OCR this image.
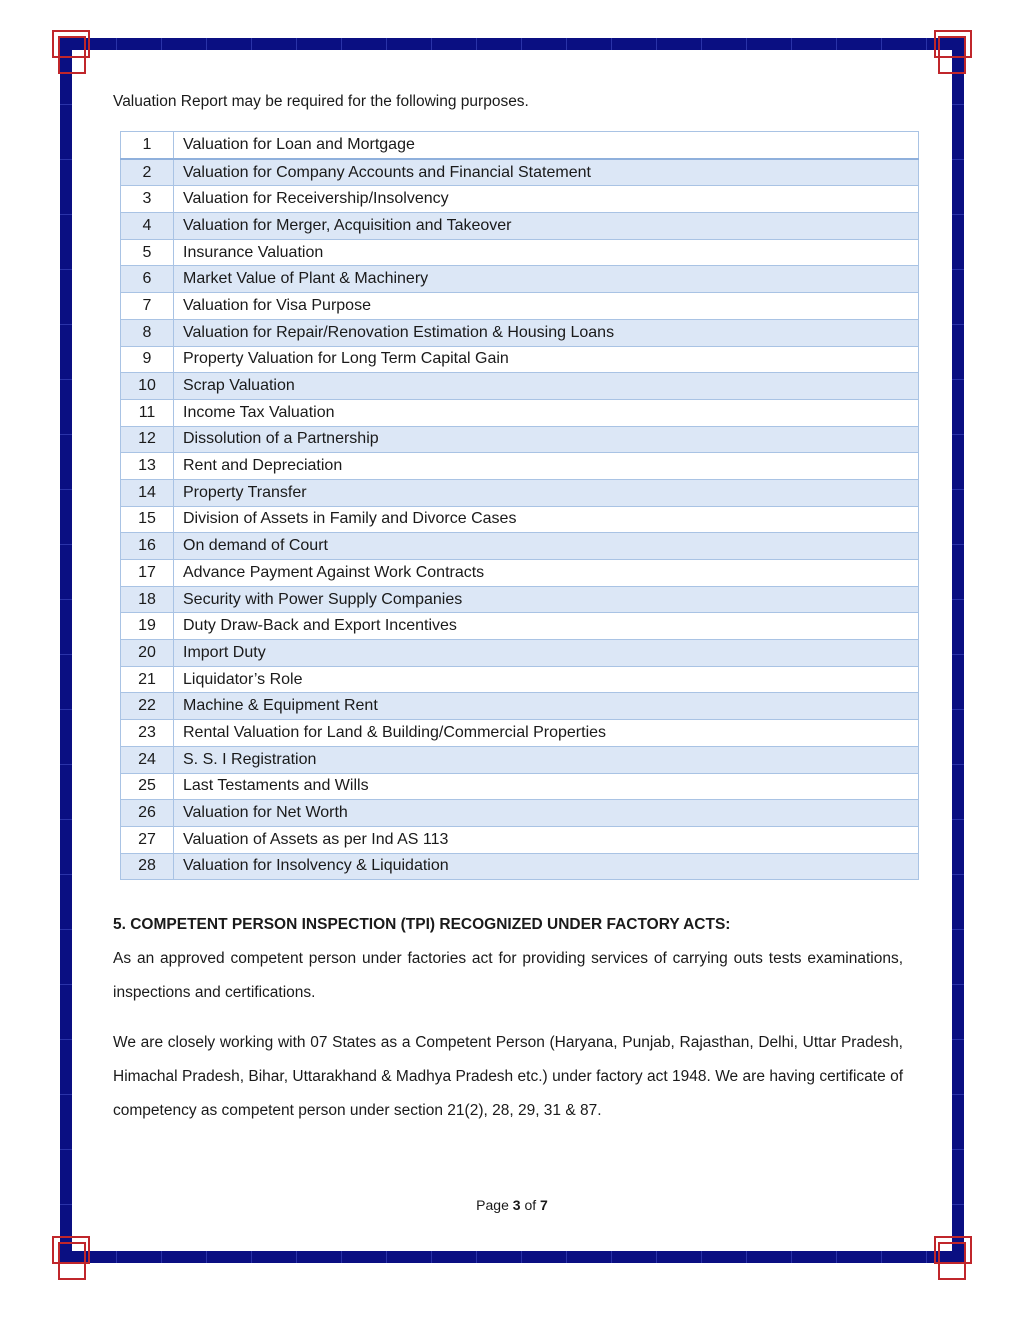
Valuation Report may be required for the following purposes.

1	Valuation for Loan and Mortgage
2	Valuation for Company Accounts and Financial Statement
3	Valuation for Receivership/Insolvency
4	Valuation for Merger, Acquisition and Takeover
5	Insurance Valuation
6	Market Value of Plant & Machinery
7	Valuation for Visa Purpose
8	Valuation for Repair/Renovation Estimation & Housing Loans
9	Property Valuation for Long Term Capital Gain
10	Scrap Valuation
11	Income Tax Valuation
12	Dissolution of a Partnership
13	Rent and Depreciation
14	Property Transfer
15	Division of Assets in Family and Divorce Cases
16	On demand of Court
17	Advance Payment Against Work Contracts
18	Security with Power Supply Companies
19	Duty Draw-Back and Export Incentives
20	Import Duty
21	Liquidator’s Role
22	Machine & Equipment Rent
23	Rental Valuation for Land & Building/Commercial Properties
24	S. S. I Registration
25	Last Testaments and Wills
26	Valuation for Net Worth
27	Valuation of Assets as per Ind AS 113
28	Valuation for Insolvency & Liquidation
5. COMPETENT PERSON INSPECTION (TPI) RECOGNIZED UNDER FACTORY ACTS:

As an approved competent person under factories act for providing services of carrying outs tests examinations, inspections and certifications.

We are closely working with 07 States as a Competent Person (Haryana, Punjab, Rajasthan, Delhi, Uttar Pradesh, Himachal Pradesh, Bihar, Uttarakhand & Madhya Pradesh etc.) under factory act 1948. We are having certificate of competency as competent person under section 21(2), 28, 29, 31 & 87.

Page 3 of 7
